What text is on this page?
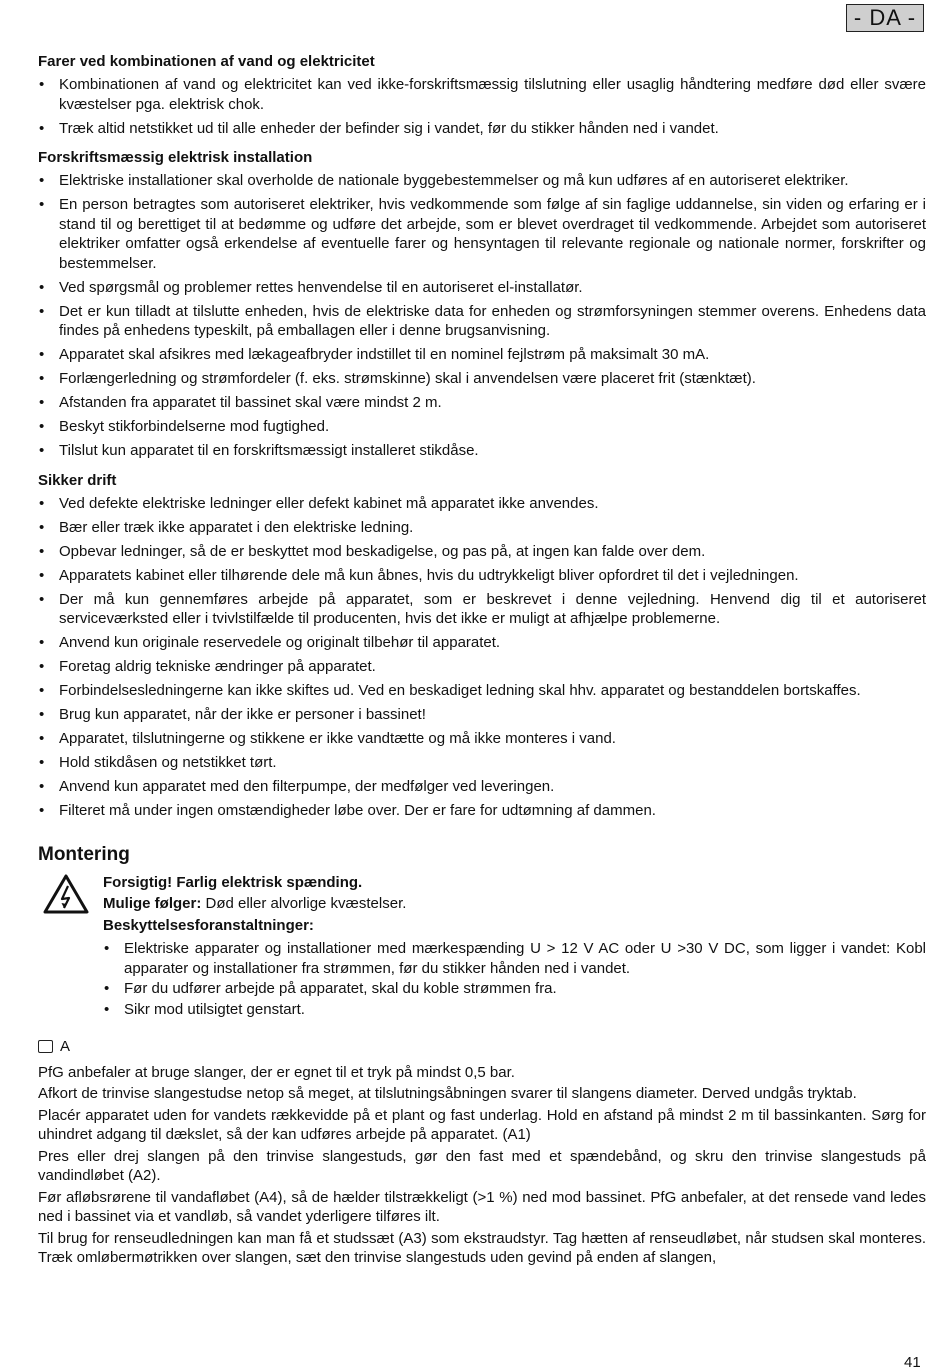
- DA -
Farer ved kombinationen af vand og elektricitet
• Kombinationen af vand og elektricitet kan ved ikke-forskriftsmæssig tilslutning eller usaglig håndtering medføre død eller svære kvæstelser pga. elektrisk chok.
• Træk altid netstikket ud til alle enheder der befinder sig i vandet, før du stikker hånden ned i vandet.
Forskriftsmæssig elektrisk installation
• Elektriske installationer skal overholde de nationale byggebestemmelser og må kun udføres af en autoriseret elektriker.
• En person betragtes som autoriseret elektriker, hvis vedkommende som følge af sin faglige uddannelse, sin viden og erfaring er i stand til og berettiget til at bedømme og udføre det arbejde, som er blevet overdraget til vedkommende. Arbejdet som autoriseret elektriker omfatter også erkendelse af eventuelle farer og hensyntagen til relevante regionale og nationale normer, forskrifter og bestemmelser.
• Ved spørgsmål og problemer rettes henvendelse til en autoriseret el-installatør.
• Det er kun tilladt at tilslutte enheden, hvis de elektriske data for enheden og strømforsyningen stemmer overens. Enhedens data findes på enhedens typeskilt, på emballagen eller i denne brugsanvisning.
• Apparatet skal afsikres med lækageafbryder indstillet til en nominel fejlstrøm på maksimalt 30 mA.
• Forlængerledning og strømfordeler (f. eks. strømskinne) skal i anvendelsen være placeret frit (stænktæt).
• Afstanden fra apparatet til bassinet skal være mindst 2 m.
• Beskyt stikforbindelserne mod fugtighed.
• Tilslut kun apparatet til en forskriftsmæssigt installeret stikdåse.
Sikker drift
• Ved defekte elektriske ledninger eller defekt kabinet må apparatet ikke anvendes.
• Bær eller træk ikke apparatet i den elektriske ledning.
• Opbevar ledninger, så de er beskyttet mod beskadigelse, og pas på, at ingen kan falde over dem.
• Apparatets kabinet eller tilhørende dele må kun åbnes, hvis du udtrykkeligt bliver opfordret til det i vejledningen.
• Der må kun gennemføres arbejde på apparatet, som er beskrevet i denne vejledning. Henvend dig til et autoriseret serviceværksted eller i tvivlstilfælde til producenten, hvis det ikke er muligt at afhjælpe problemerne.
• Anvend kun originale reservedele og originalt tilbehør til apparatet.
• Foretag aldrig tekniske ændringer på apparatet.
• Forbindelsesledningerne kan ikke skiftes ud. Ved en beskadiget ledning skal hhv. apparatet og bestanddelen bortskaffes.
• Brug kun apparatet, når der ikke er personer i bassinet!
• Apparatet, tilslutningerne og stikkene er ikke vandtætte og må ikke monteres i vand.
• Hold stikdåsen og netstikket tørt.
• Anvend kun apparatet med den filterpumpe, der medfølger ved leveringen.
• Filteret må under ingen omstændigheder løbe over. Der er fare for udtømning af dammen.
Montering

Forsigtig! Farlig elektrisk spænding.

Mulige følger: Død eller alvorlige kvæstelser.

Beskyttelsesforanstaltninger:

• Elektriske apparater og installationer med mærkespænding U > 12 V AC oder U >30 V DC, som ligger i vandet: Kobl apparater og installationer fra strømmen, før du stikker hånden ned i vandet.
• Før du udfører arbejde på apparatet, skal du koble strømmen fra.
• Sikr mod utilsigtet genstart.
A

PfG anbefaler at bruge slanger, der er egnet til et tryk på mindst 0,5 bar.

Afkort de trinvise slangestudse netop så meget, at tilslutningsåbningen svarer til slangens diameter. Derved undgås tryktab.

Placér apparatet uden for vandets rækkevidde på et plant og fast underlag. Hold en afstand på mindst 2 m til bassinkanten. Sørg for uhindret adgang til dækslet, så der kan udføres arbejde på apparatet. (A1)

Pres eller drej slangen på den trinvise slangestuds, gør den fast med et spændebånd, og skru den trinvise slangestuds på vandindløbet (A2).

Før afløbsrørene til vandafløbet (A4), så de hælder tilstrækkeligt (>1 %) ned mod bassinet. PfG anbefaler, at det rensede vand ledes ned i bassinet via et vandløb, så vandet yderligere tilføres ilt.

Til brug for renseudledningen kan man få et studssæt (A3) som ekstraudstyr. Tag hætten af renseudløbet, når studsen skal monteres. Træk omløbermøtrikken over slangen, sæt den trinvise slangestuds uden gevind på enden af slangen,

41
